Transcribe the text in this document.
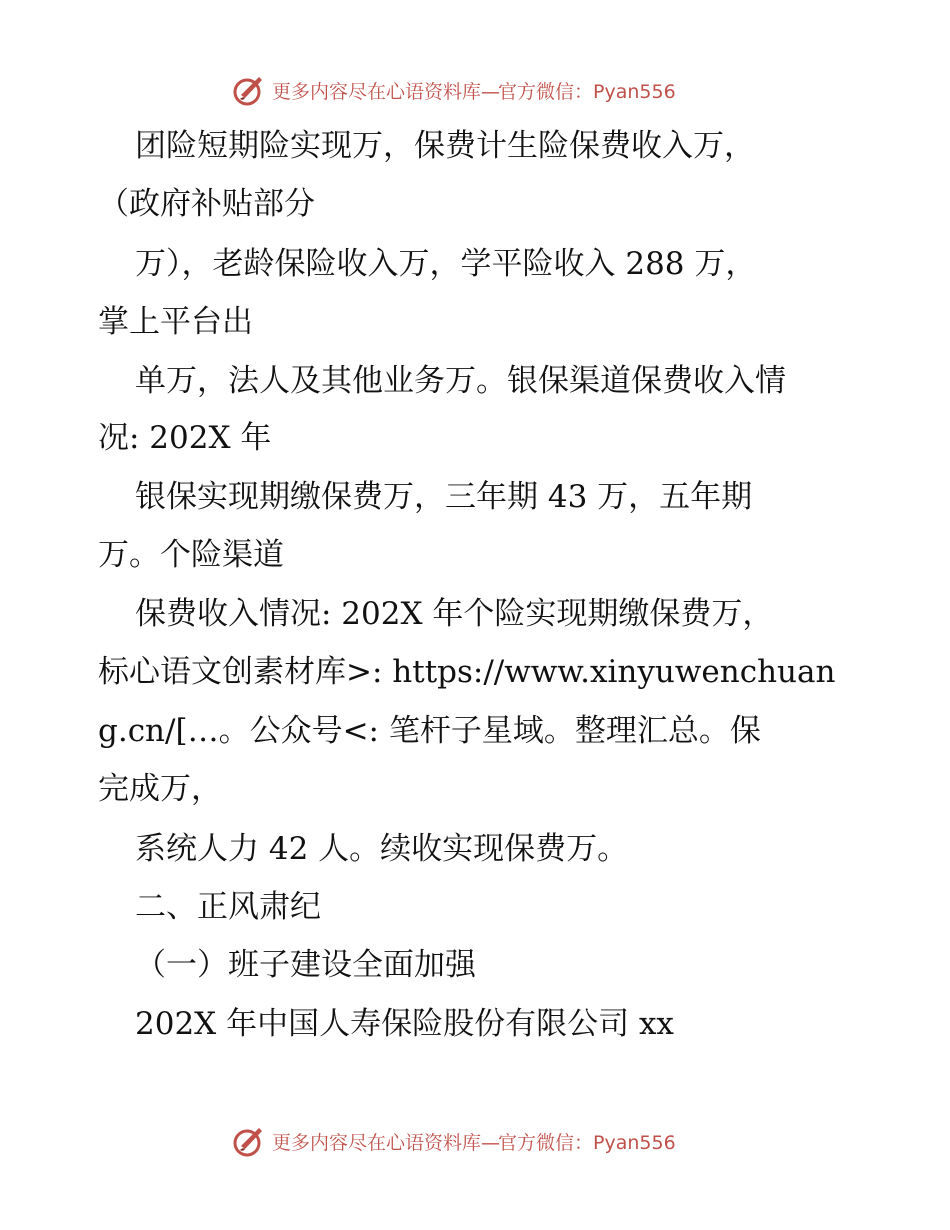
更多内容尽在心语资料库—官方微信：Pyan556
团险短期险实现万，保费计生险保费收入万，
（政府补贴部分
万），老龄保险收入万，学平险收入 288 万，
掌上平台出
单万，法人及其他业务万。银保渠道保费收入情
况: 202X 年
银保实现期缴保费万，三年期 43 万，五年期
万。个险渠道
保费收入情况: 202X 年个险实现期缴保费万，
标心语文创素材库>: https://www.xinyuwenchuan
g.cn/[…。公众号<: 笔杆子星域。整理汇总。保
完成万，
系统人力 42 人。续收实现保费万。
二、正风肃纪
（一）班子建设全面加强
202X 年中国人寿保险股份有限公司 xx
更多内容尽在心语资料库—官方微信：Pyan556
